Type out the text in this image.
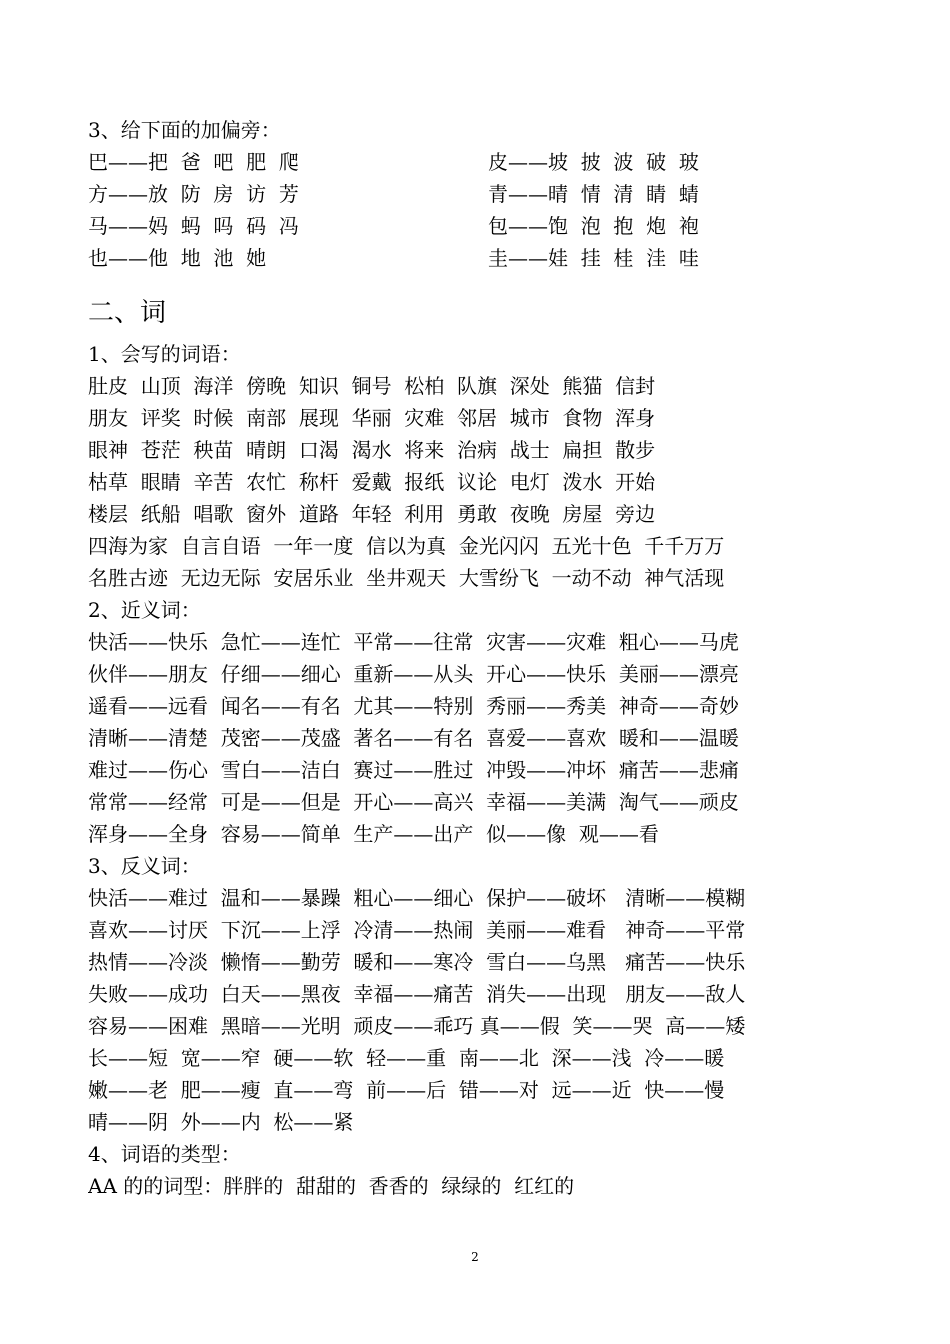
3、给下面的加偏旁：
巴——把  爸  吧  肥  爬	皮——坡  披  波  破  玻
方——放  防  房  访  芳	青——晴  情  清  睛  蜻
马——妈  蚂  吗  码  冯	包——饱  泡  抱  炮  袍
也——他  地  池  她	圭——娃  挂  桂  洼  哇
二、词
1、会写的词语：
肚皮  山顶  海洋  傍晚  知识  铜号  松柏  队旗  深处  熊猫  信封
朋友  评奖  时候  南部  展现  华丽  灾难  邻居  城市  食物  浑身
眼神  苍茫  秧苗  晴朗  口渴  渴水  将来  治病  战士  扁担  散步
枯草  眼睛  辛苦  农忙  称杆  爱戴  报纸  议论  电灯  泼水  开始
楼层  纸船  唱歌  窗外  道路  年轻  利用  勇敢  夜晚  房屋  旁边
四海为家  自言自语  一年一度  信以为真  金光闪闪  五光十色  千千万万
名胜古迹  无边无际  安居乐业  坐井观天  大雪纷飞  一动不动  神气活现
2、近义词：
快活——快乐  急忙——连忙  平常——往常  灾害——灾难  粗心——马虎
伙伴——朋友  仔细——细心  重新——从头  开心——快乐  美丽——漂亮
遥看——远看  闻名——有名  尤其——特别  秀丽——秀美  神奇——奇妙
清晰——清楚  茂密——茂盛  著名——有名  喜爱——喜欢  暖和——温暖
难过——伤心  雪白——洁白  赛过——胜过  冲毁——冲坏  痛苦——悲痛
常常——经常  可是——但是  开心——高兴  幸福——美满  淘气——顽皮
浑身——全身  容易——简单  生产——出产  似——像  观——看
3、反义词：
快活——难过  温和——暴躁  粗心——细心  保护——破坏   清晰——模糊
喜欢——讨厌  下沉——上浮  冷清——热闹  美丽——难看   神奇——平常
热情——冷淡  懒惰——勤劳  暖和——寒冷  雪白——乌黑   痛苦——快乐
失败——成功  白天——黑夜  幸福——痛苦  消失——出现   朋友——敌人
容易——困难  黑暗——光明  顽皮——乖巧 真——假  笑——哭  高——矮
长——短  宽——窄  硬——软  轻——重  南——北  深——浅  冷——暖
嫩——老  肥——瘦  直——弯  前——后  错——对  远——近  快——慢
晴——阴  外——内  松——紧
4、词语的类型：
AA 的的词型：胖胖的  甜甜的  香香的  绿绿的  红红的
2
